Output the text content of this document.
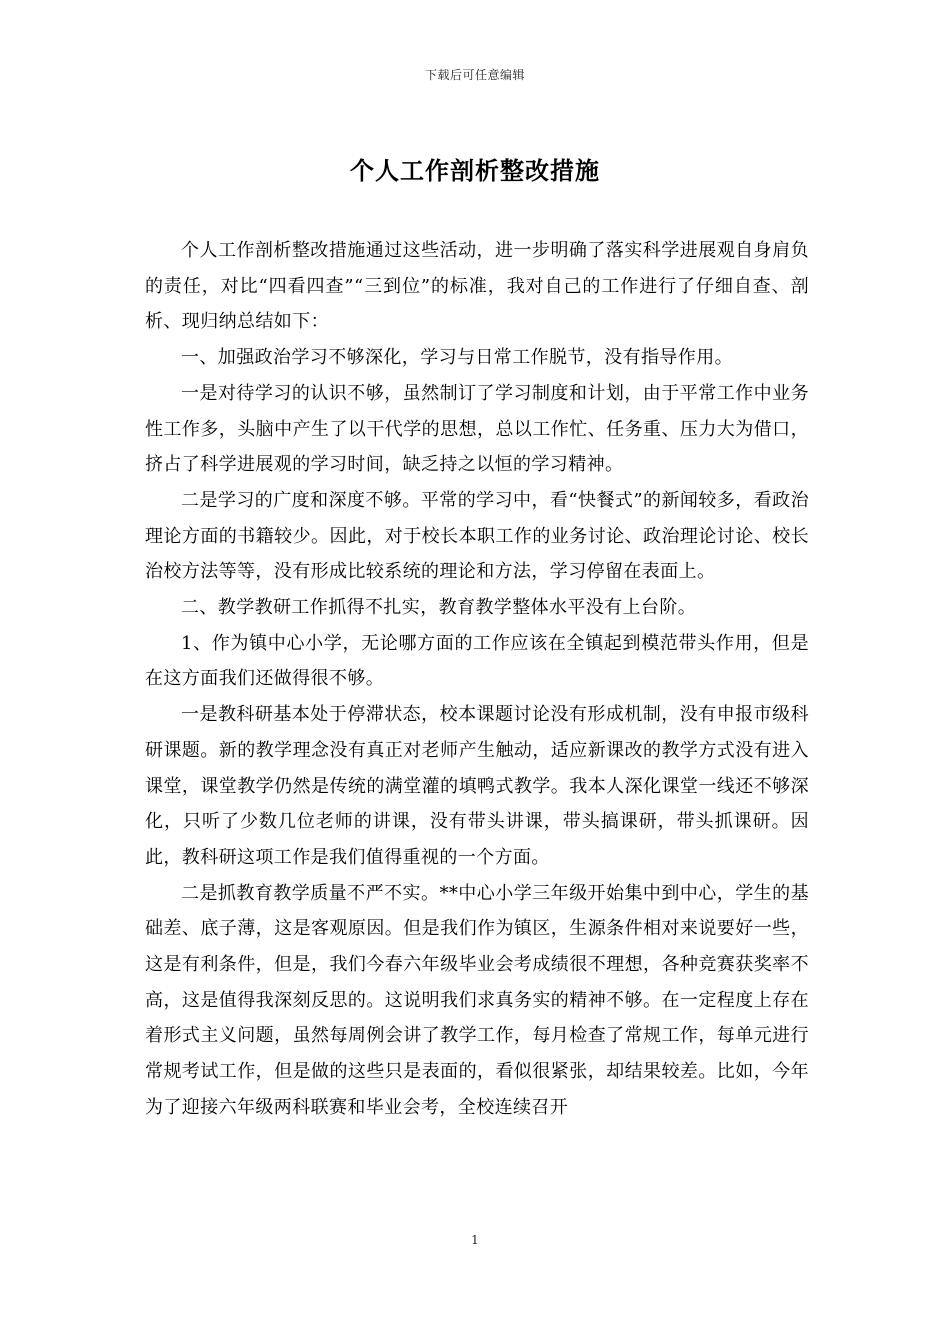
下载后可任意编辑
个人工作剖析整改措施

个人工作剖析整改措施通过这些活动，进一步明确了落实科学进展观自身肩负的责任，对比“四看四查”“三到位”的标准，我对自己的工作进行了仔细自查、剖析、现归纳总结如下：

一、加强政治学习不够深化，学习与日常工作脱节，没有指导作用。

一是对待学习的认识不够，虽然制订了学习制度和计划，由于平常工作中业务性工作多，头脑中产生了以干代学的思想，总以工作忙、任务重、压力大为借口，挤占了科学进展观的学习时间，缺乏持之以恒的学习精神。

二是学习的广度和深度不够。平常的学习中，看“快餐式”的新闻较多，看政治理论方面的书籍较少。因此，对于校长本职工作的业务讨论、政治理论讨论、校长治校方法等等，没有形成比较系统的理论和方法，学习停留在表面上。

二、教学教研工作抓得不扎实，教育教学整体水平没有上台阶。

1、作为镇中心小学，无论哪方面的工作应该在全镇起到模范带头作用，但是在这方面我们还做得很不够。

一是教科研基本处于停滞状态，校本课题讨论没有形成机制，没有申报市级科研课题。新的教学理念没有真正对老师产生触动，适应新课改的教学方式没有进入课堂，课堂教学仍然是传统的满堂灌的填鸭式教学。我本人深化课堂一线还不够深化，只听了少数几位老师的讲课，没有带头讲课，带头搞课研，带头抓课研。因此，教科研这项工作是我们值得重视的一个方面。

二是抓教育教学质量不严不实。**中心小学三年级开始集中到中心，学生的基础差、底子薄，这是客观原因。但是我们作为镇区，生源条件相对来说要好一些，这是有利条件，但是，我们今春六年级毕业会考成绩很不理想，各种竞赛获奖率不高，这是值得我深刻反思的。这说明我们求真务实的精神不够。在一定程度上存在着形式主义问题，虽然每周例会讲了教学工作，每月检查了常规工作，每单元进行常规考试工作，但是做的这些只是表面的，看似很紧张，却结果较差。比如，今年为了迎接六年级两科联赛和毕业会考，全校连续召开

1
